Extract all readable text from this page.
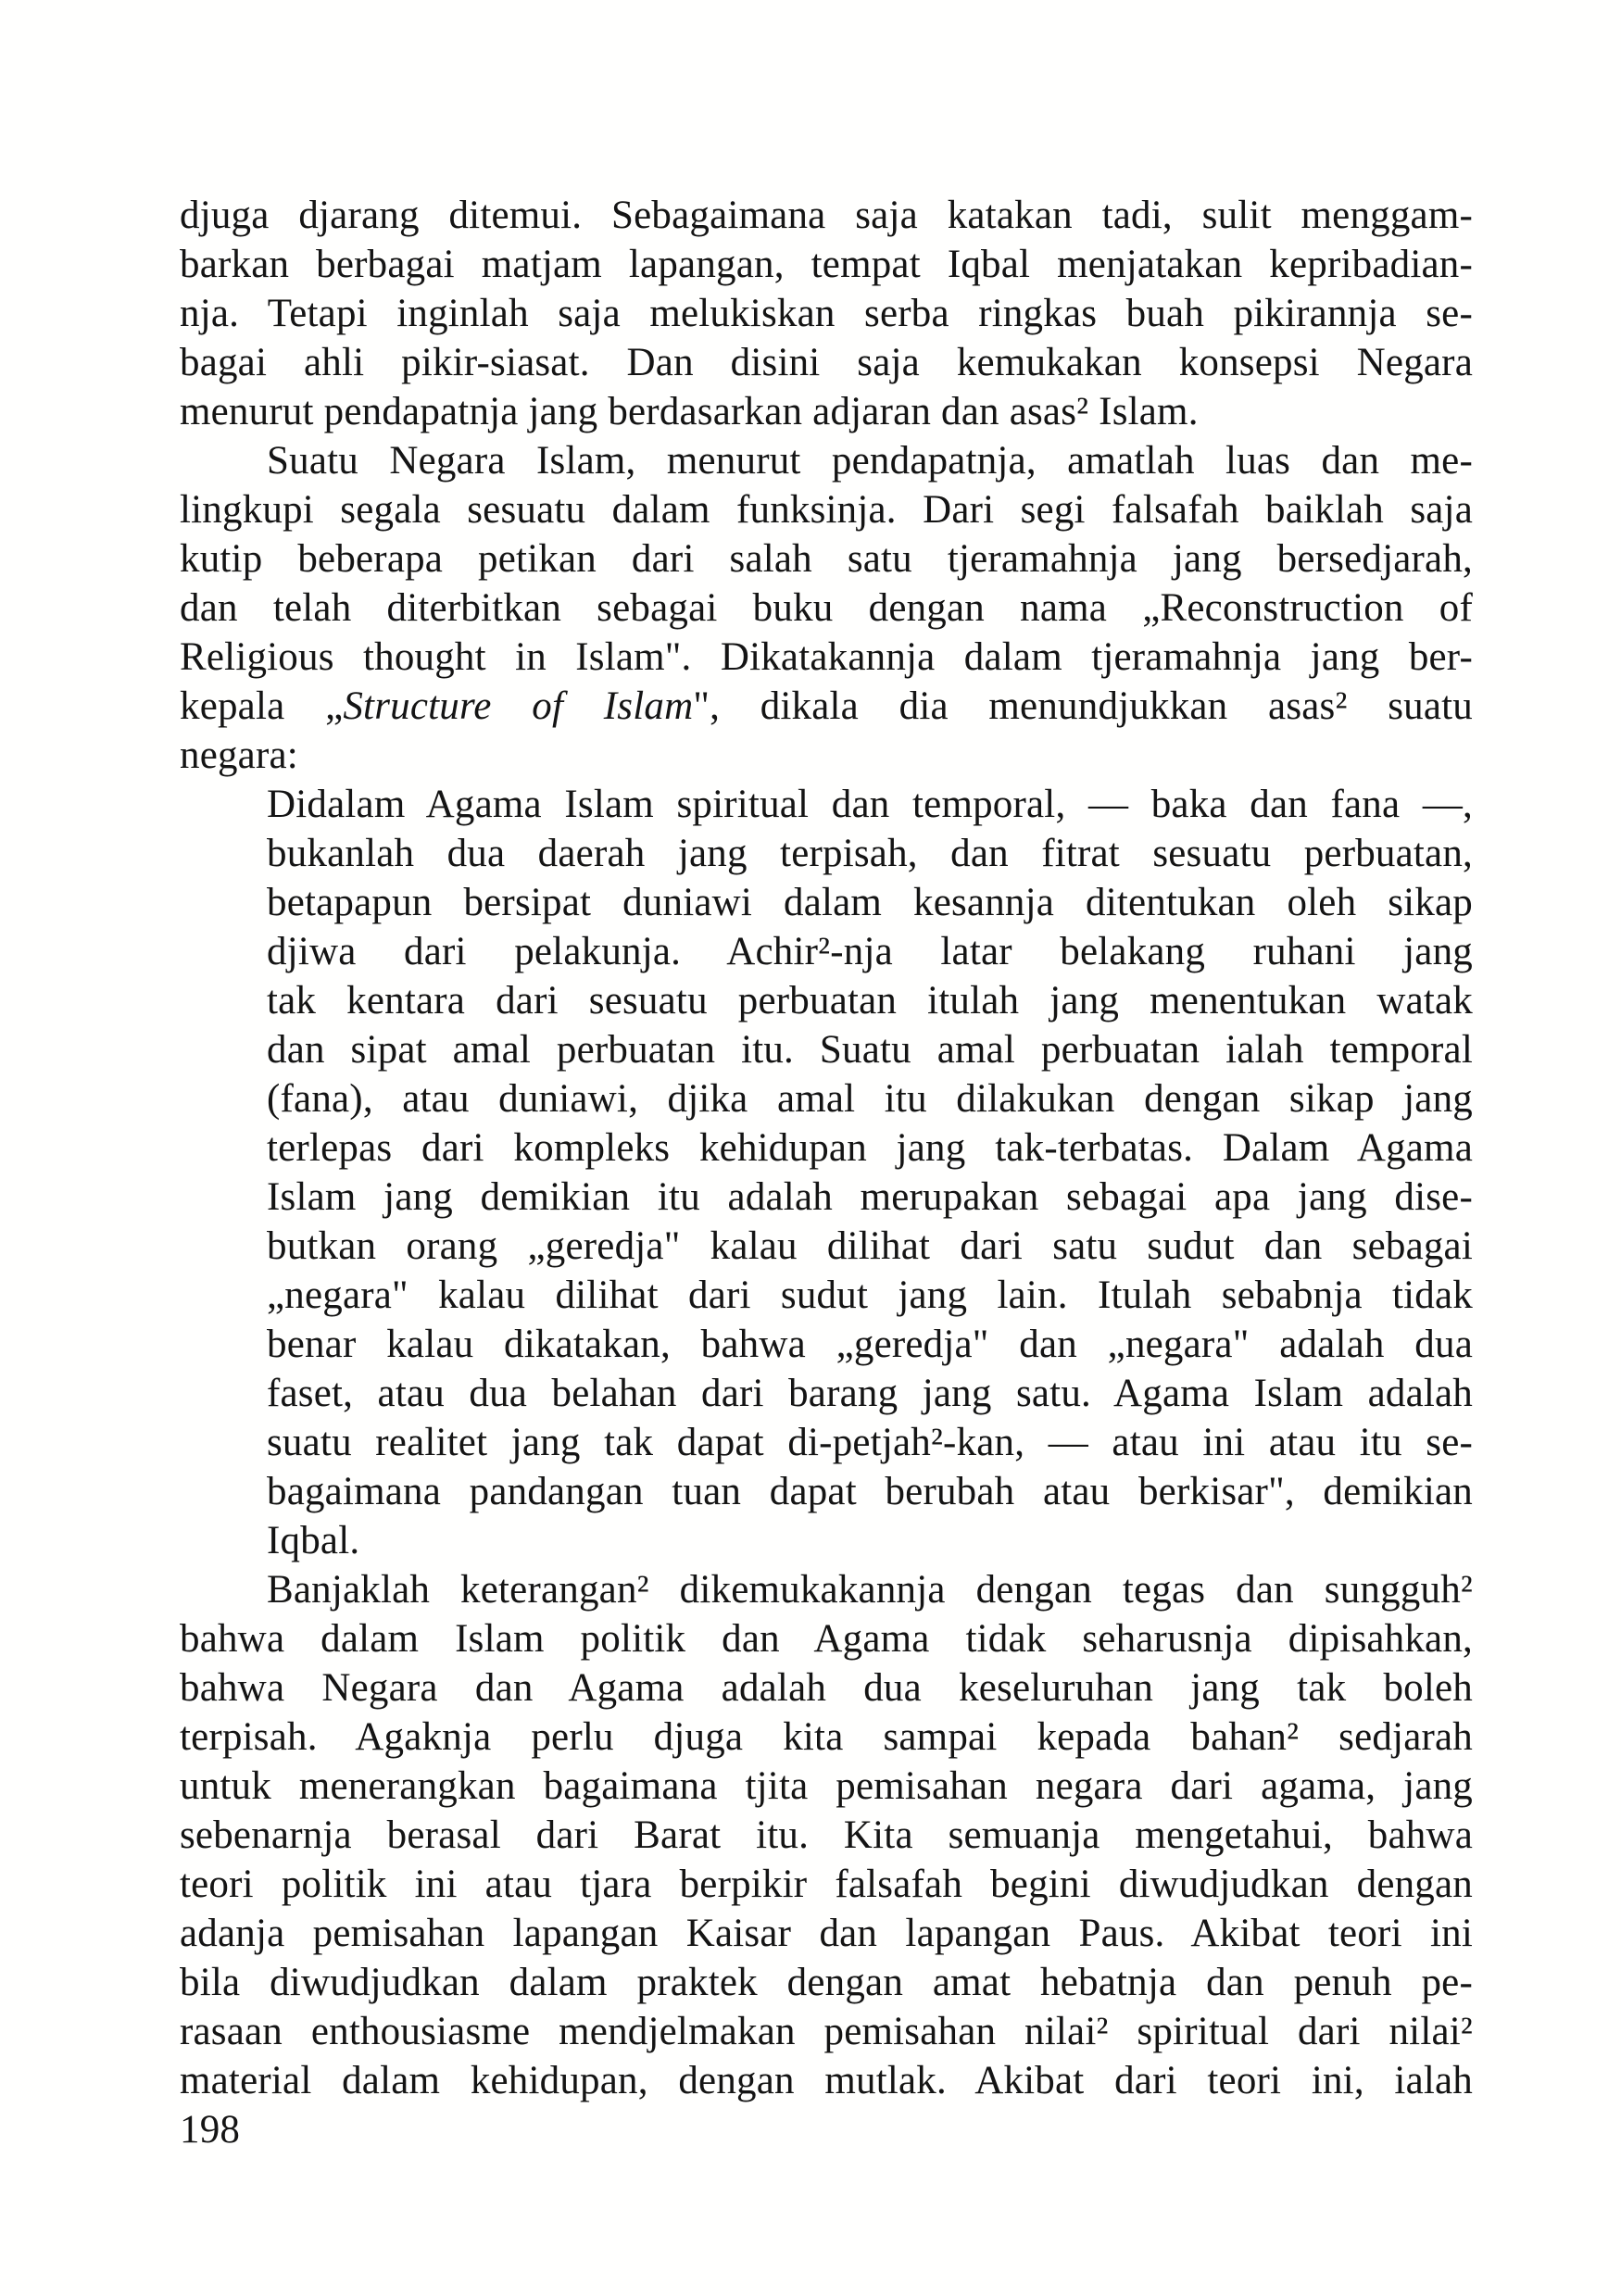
djuga djarang ditemui. Sebagaimana saja katakan tadi, sulit menggam-
barkan berbagai matjam lapangan, tempat Iqbal menjatakan kepribadian-
nja. Tetapi inginlah saja melukiskan serba ringkas buah pikirannja se-
bagai ahli pikir-siasat. Dan disini saja kemukakan konsepsi Negara
menurut pendapatnja jang berdasarkan adjaran dan asas² Islam.
Suatu Negara Islam, menurut pendapatnja, amatlah luas dan me-
lingkupi segala sesuatu dalam funksinja. Dari segi falsafah baiklah saja
kutip beberapa petikan dari salah satu tjeramahnja jang bersedjarah,
dan telah diterbitkan sebagai buku dengan nama „Reconstruction of
Religious thought in Islam". Dikatakannja dalam tjeramahnja jang ber-
kepala „Structure of Islam", dikala dia menundjukkan asas² suatu
negara:
Didalam Agama Islam spiritual dan temporal, — baka dan fana —,
bukanlah dua daerah jang terpisah, dan fitrat sesuatu perbuatan,
betapapun bersipat duniawi dalam kesannja ditentukan oleh sikap
djiwa dari pelakunja. Achir²-nja latar belakang ruhani jang
tak kentara dari sesuatu perbuatan itulah jang menentukan watak
dan sipat amal perbuatan itu. Suatu amal perbuatan ialah temporal
(fana), atau duniawi, djika amal itu dilakukan dengan sikap jang
terlepas dari kompleks kehidupan jang tak-terbatas. Dalam Agama
Islam jang demikian itu adalah merupakan sebagai apa jang dise-
butkan orang „geredja" kalau dilihat dari satu sudut dan sebagai
„negara" kalau dilihat dari sudut jang lain. Itulah sebabnja tidak
benar kalau dikatakan, bahwa „geredja" dan „negara" adalah dua
faset, atau dua belahan dari barang jang satu. Agama Islam adalah
suatu realitet jang tak dapat di-petjah²-kan, — atau ini atau itu se-
bagaimana pandangan tuan dapat berubah atau berkisar", demikian
Iqbal.
Banjaklah keterangan² dikemukakannja dengan tegas dan sungguh²
bahwa dalam Islam politik dan Agama tidak seharusnja dipisahkan,
bahwa Negara dan Agama adalah dua keseluruhan jang tak boleh
terpisah. Agaknja perlu djuga kita sampai kepada bahan² sedjarah
untuk menerangkan bagaimana tjita pemisahan negara dari agama, jang
sebenarnja berasal dari Barat itu. Kita semuanja mengetahui, bahwa
teori politik ini atau tjara berpikir falsafah begini diwudjudkan dengan
adanja pemisahan lapangan Kaisar dan lapangan Paus. Akibat teori ini
bila diwudjudkan dalam praktek dengan amat hebatnja dan penuh pe-
rasaan enthousiasme mendjelmakan pemisahan nilai² spiritual dari nilai²
material dalam kehidupan, dengan mutlak. Akibat dari teori ini, ialah
198
